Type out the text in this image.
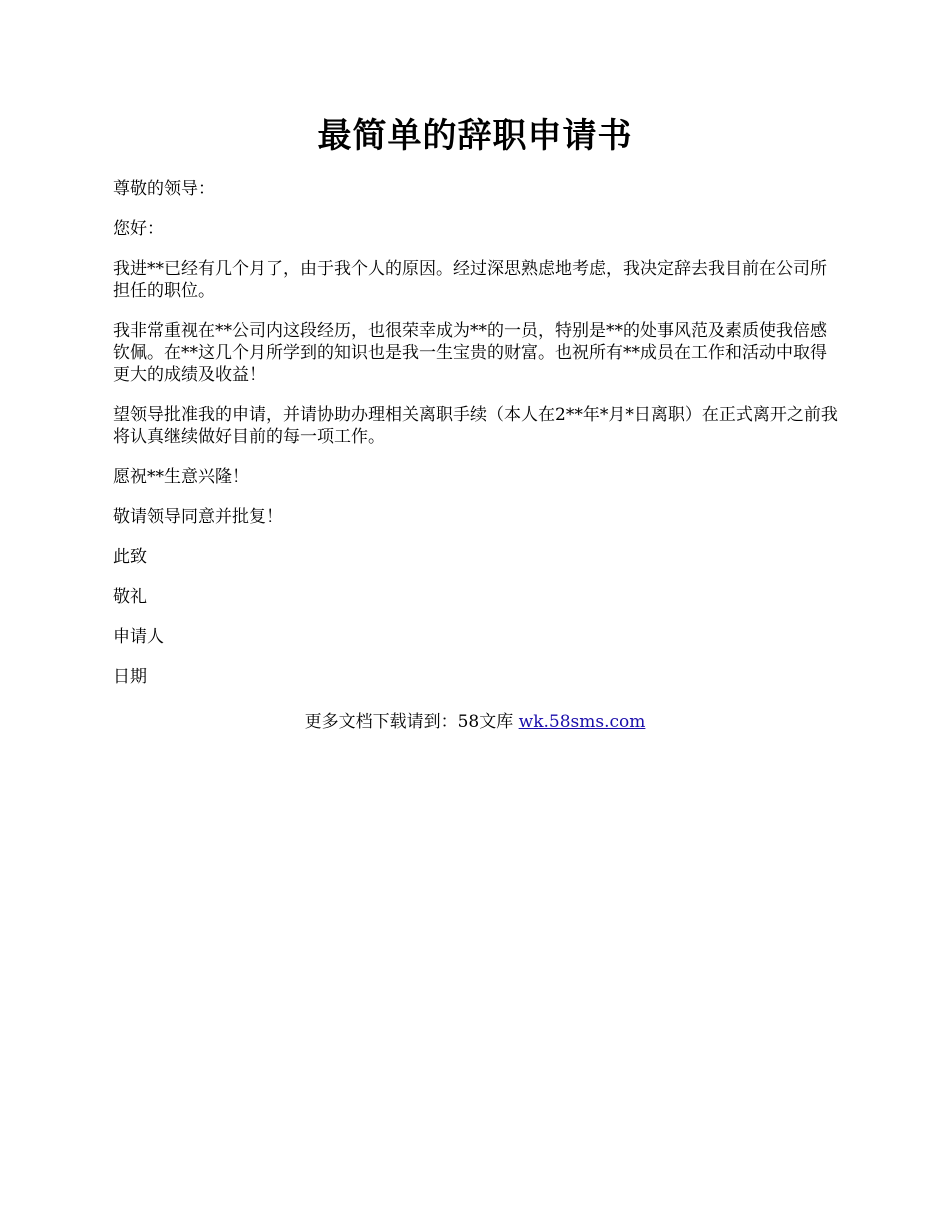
最简单的辞职申请书

尊敬的领导：

您好：

我进**已经有几个月了，由于我个人的原因。经过深思熟虑地考虑，我决定辞去我目前在公司所担任的职位。

我非常重视在**公司内这段经历，也很荣幸成为**的一员，特别是**的处事风范及素质使我倍感钦佩。在**这几个月所学到的知识也是我一生宝贵的财富。也祝所有**成员在工作和活动中取得更大的成绩及收益！

望领导批准我的申请，并请协助办理相关离职手续（本人在2**年*月*日离职）在正式离开之前我将认真继续做好目前的每一项工作。

愿祝**生意兴隆！

敬请领导同意并批复！

此致

敬礼

申请人

日期

更多文档下载请到：58文库 wk.58sms.com
